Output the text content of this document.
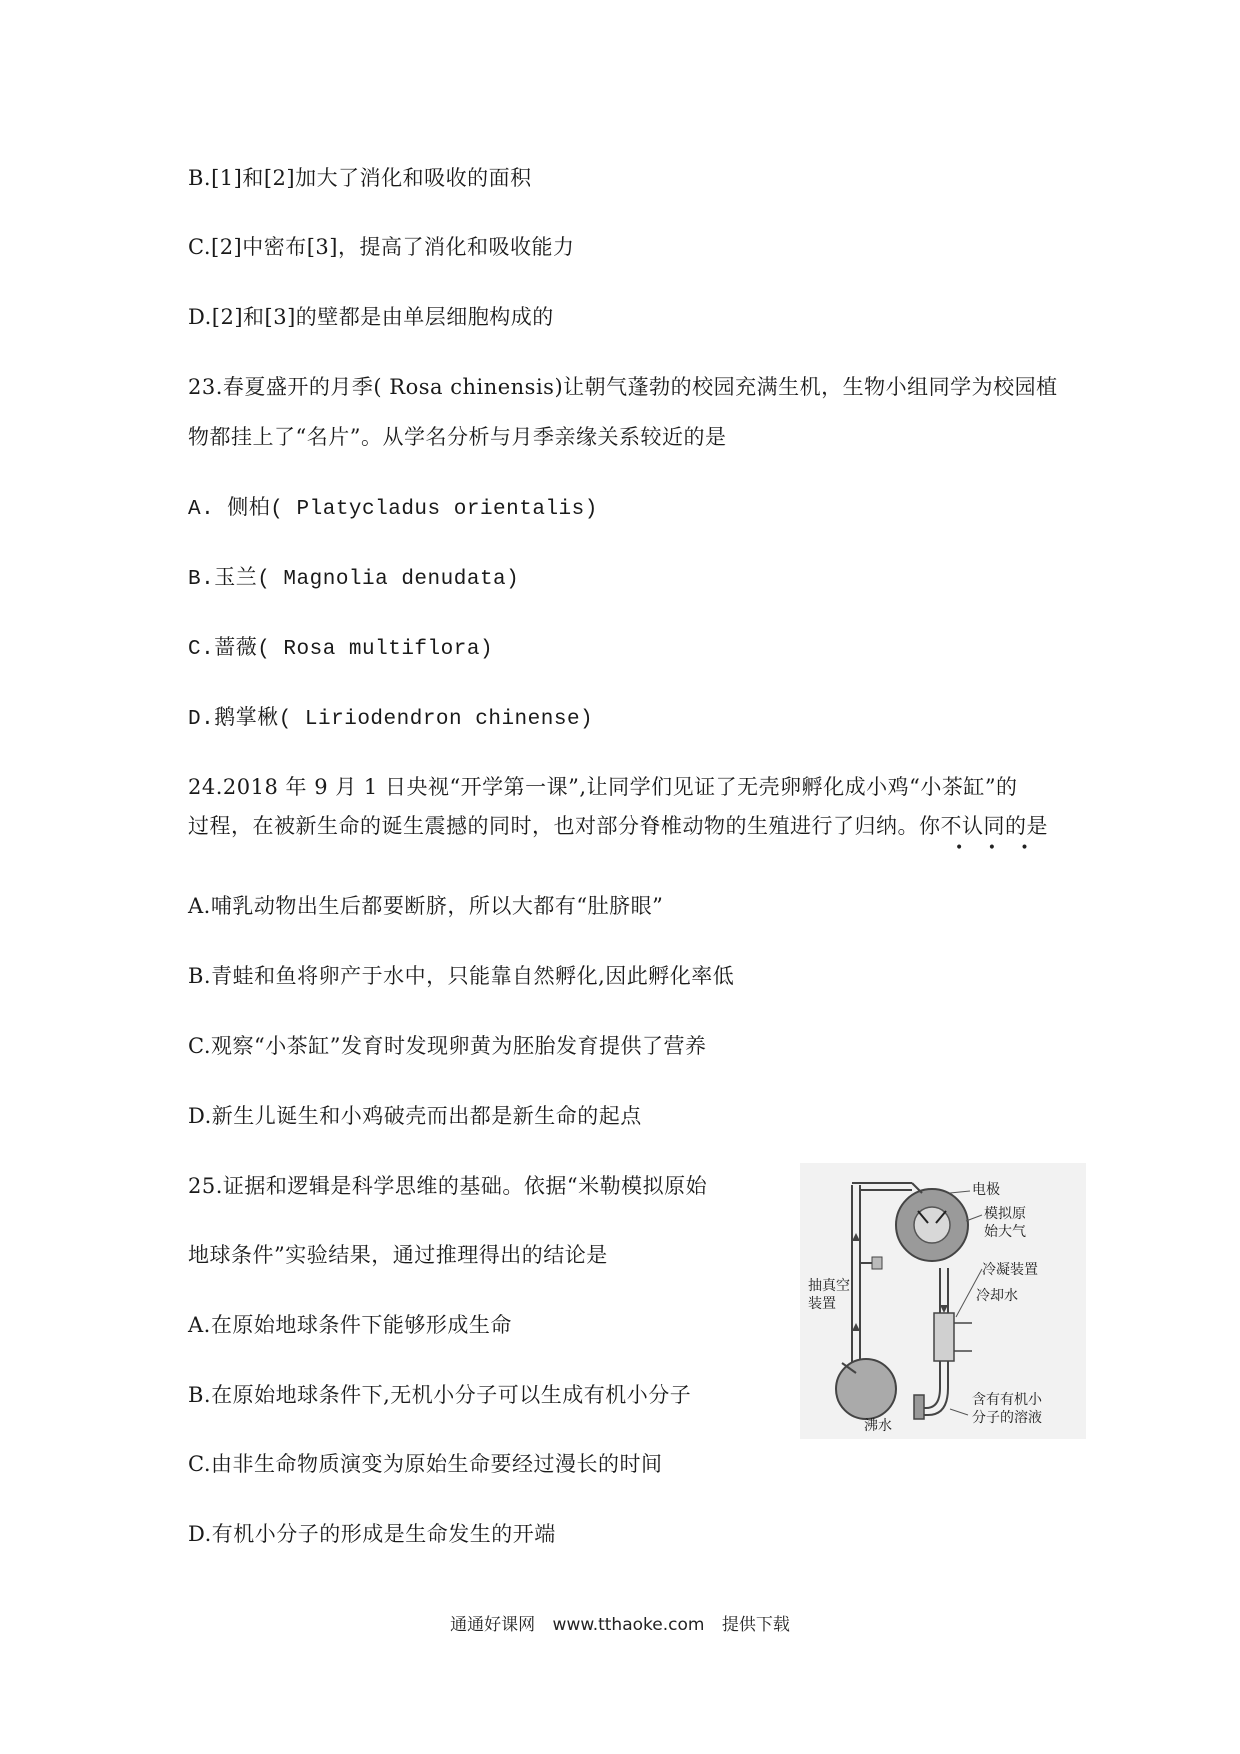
B.[1]和[2]加大了消化和吸收的面积
C.[2]中密布[3]，提高了消化和吸收能力
D.[2]和[3]的壁都是由单层细胞构成的
23.春夏盛开的月季( Rosa chinensis)让朝气蓬勃的校园充满生机，生物小组同学为校园植
物都挂上了“名片”。从学名分析与月季亲缘关系较近的是
A. 侧柏( Platycladus orientalis)
B.玉兰( Magnolia denudata)
C.蔷薇( Rosa multiflora)
D.鹅掌楸( Liriodendron chinense)
24.2018 年 9 月 1 日央视“开学第一课”,让同学们见证了无壳卵孵化成小鸡“小茶缸”的
过程，在被新生命的诞生震撼的同时，也对部分脊椎动物的生殖进行了归纳。你不认同的是
• • •
A.哺乳动物出生后都要断脐，所以大都有“肚脐眼”
B.青蛙和鱼将卵产于水中，只能靠自然孵化,因此孵化率低
C.观察“小茶缸”发育时发现卵黄为胚胎发育提供了营养
D.新生儿诞生和小鸡破壳而出都是新生命的起点
25.证据和逻辑是科学思维的基础。依据“米勒模拟原始
地球条件”实验结果，通过推理得出的结论是
A.在原始地球条件下能够形成生命
B.在原始地球条件下,无机小分子可以生成有机小分子
C.由非生命物质演变为原始生命要经过漫长的时间
D.有机小分子的形成是生命发生的开端
电极
模拟原
始大气
抽真空
装置
冷凝装置
冷却水
沸水
含有有机小
分子的溶液
通通好课网 www.tthaoke.com 提供下载
